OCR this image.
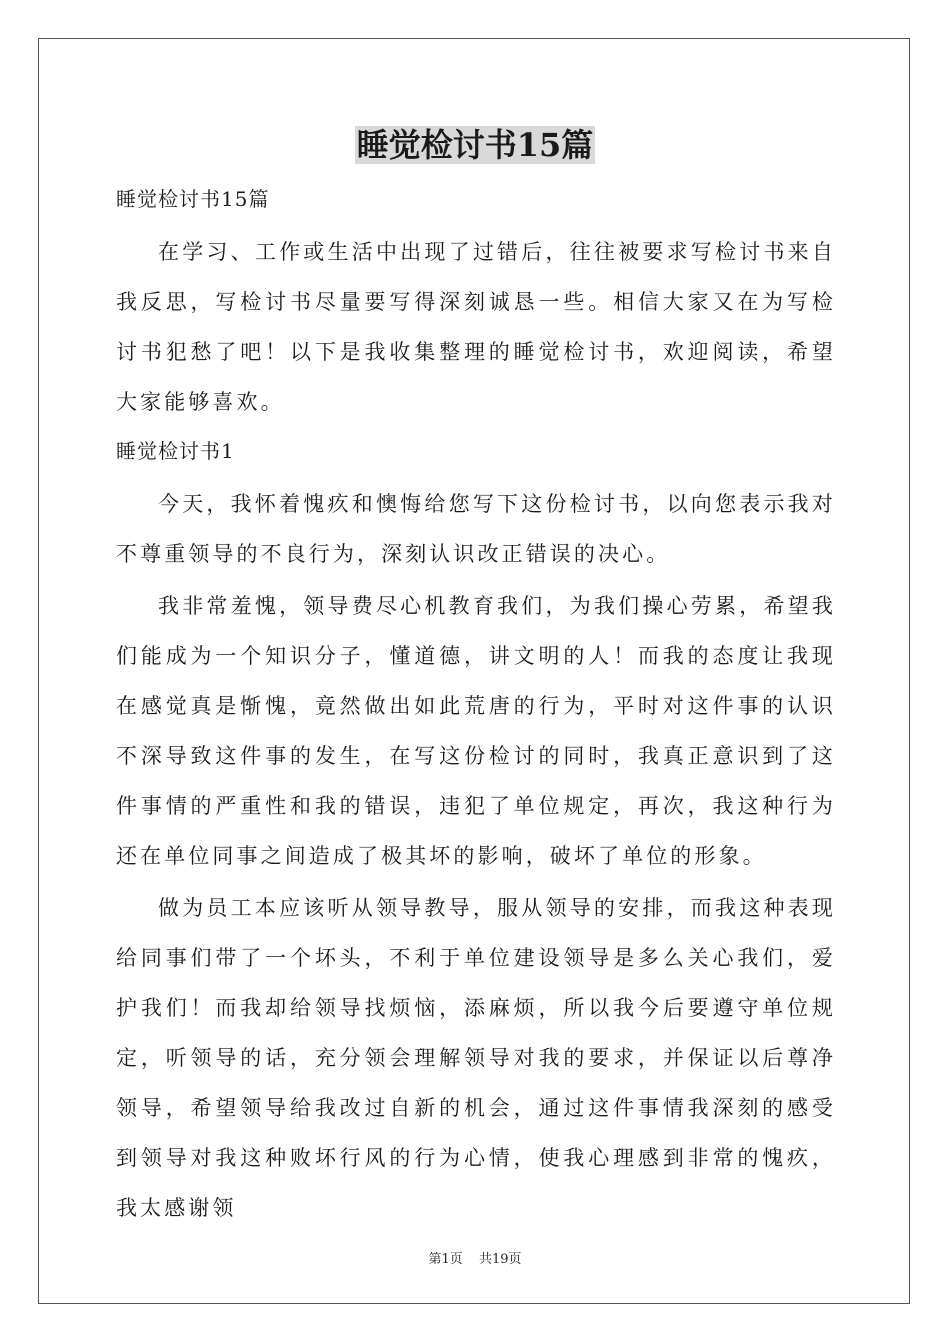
睡觉检讨书15篇
睡觉检讨书15篇

在学习、工作或生活中出现了过错后，往往被要求写检讨书来自我反思，写检讨书尽量要写得深刻诚恳一些。相信大家又在为写检讨书犯愁了吧！以下是我收集整理的睡觉检讨书，欢迎阅读，希望大家能够喜欢。

睡觉检讨书1

今天，我怀着愧疚和懊悔给您写下这份检讨书，以向您表示我对不尊重领导的不良行为，深刻认识改正错误的决心。

我非常羞愧，领导费尽心机教育我们，为我们操心劳累，希望我们能成为一个知识分子，懂道德，讲文明的人！而我的态度让我现在感觉真是惭愧，竟然做出如此荒唐的行为，平时对这件事的认识不深导致这件事的发生，在写这份检讨的同时，我真正意识到了这件事情的严重性和我的错误，违犯了单位规定，再次，我这种行为还在单位同事之间造成了极其坏的影响，破坏了单位的形象。

做为员工本应该听从领导教导，服从领导的安排，而我这种表现给同事们带了一个坏头，不利于单位建设领导是多么关心我们，爱护我们！而我却给领导找烦恼，添麻烦，所以我今后要遵守单位规定，听领导的话，充分领会理解领导对我的要求，并保证以后尊净领导，希望领导给我改过自新的机会，通过这件事情我深刻的感受到领导对我这种败坏行风的行为心情，使我心理感到非常的愧疚，我太感谢领

第1页 共19页
